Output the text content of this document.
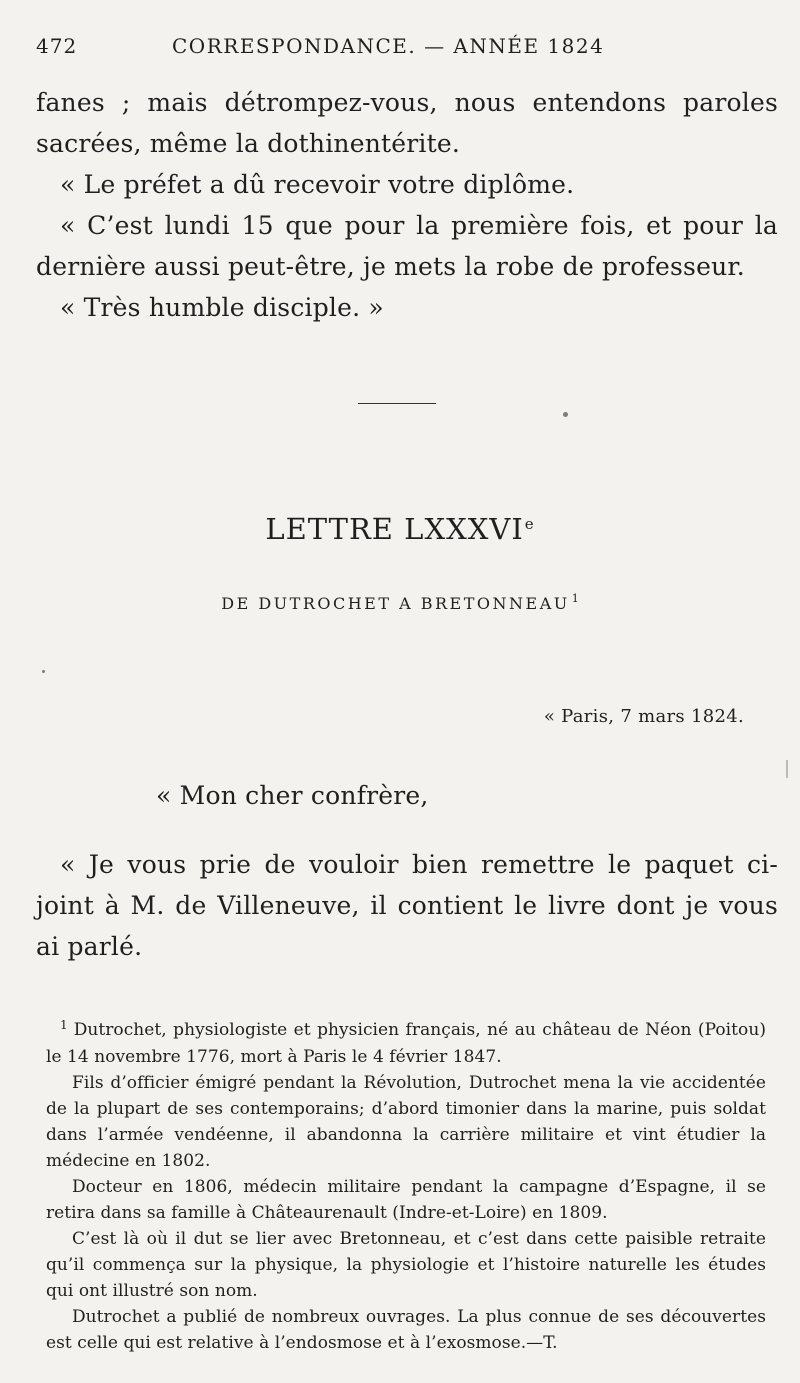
472	CORRESPONDANCE. — ANNÉE 1824

fanes ; mais détrompez-vous, nous entendons paroles sacrées, même la dothinentérite.

« Le préfet a dû recevoir votre diplôme.

« C’est lundi 15 que pour la première fois, et pour la dernière aussi peut-être, je mets la robe de professeur.

« Très humble disciple. »

LETTRE LXXXVIe
DE DUTROCHET A BRETONNEAU $^1$
« Paris, 7 mars 1824.
« Mon cher confrère,

« Je vous prie de vouloir bien remettre le paquet ci-joint à M. de Villeneuve, il contient le livre dont je vous ai parlé.

$^1$ Dutrochet, physiologiste et physicien français, né au château de Néon (Poitou) le 14 novembre 1776, mort à Paris le 4 février 1847.

Fils d’officier émigré pendant la Révolution, Dutrochet mena la vie accidentée de la plupart de ses contemporains; d’abord timonier dans la marine, puis soldat dans l’armée vendéenne, il abandonna la carrière militaire et vint étudier la médecine en 1802.

Docteur en 1806, médecin militaire pendant la campagne d’Espagne, il se retira dans sa famille à Châteaurenault (Indre-et-Loire) en 1809.

C’est là où il dut se lier avec Bretonneau, et c’est dans cette paisible retraite qu’il commença sur la physique, la physiologie et l’histoire naturelle les études qui ont illustré son nom.

Dutrochet a publié de nombreux ouvrages. La plus connue de ses découvertes est celle qui est relative à l’endosmose et à l’exosmose.—T.
